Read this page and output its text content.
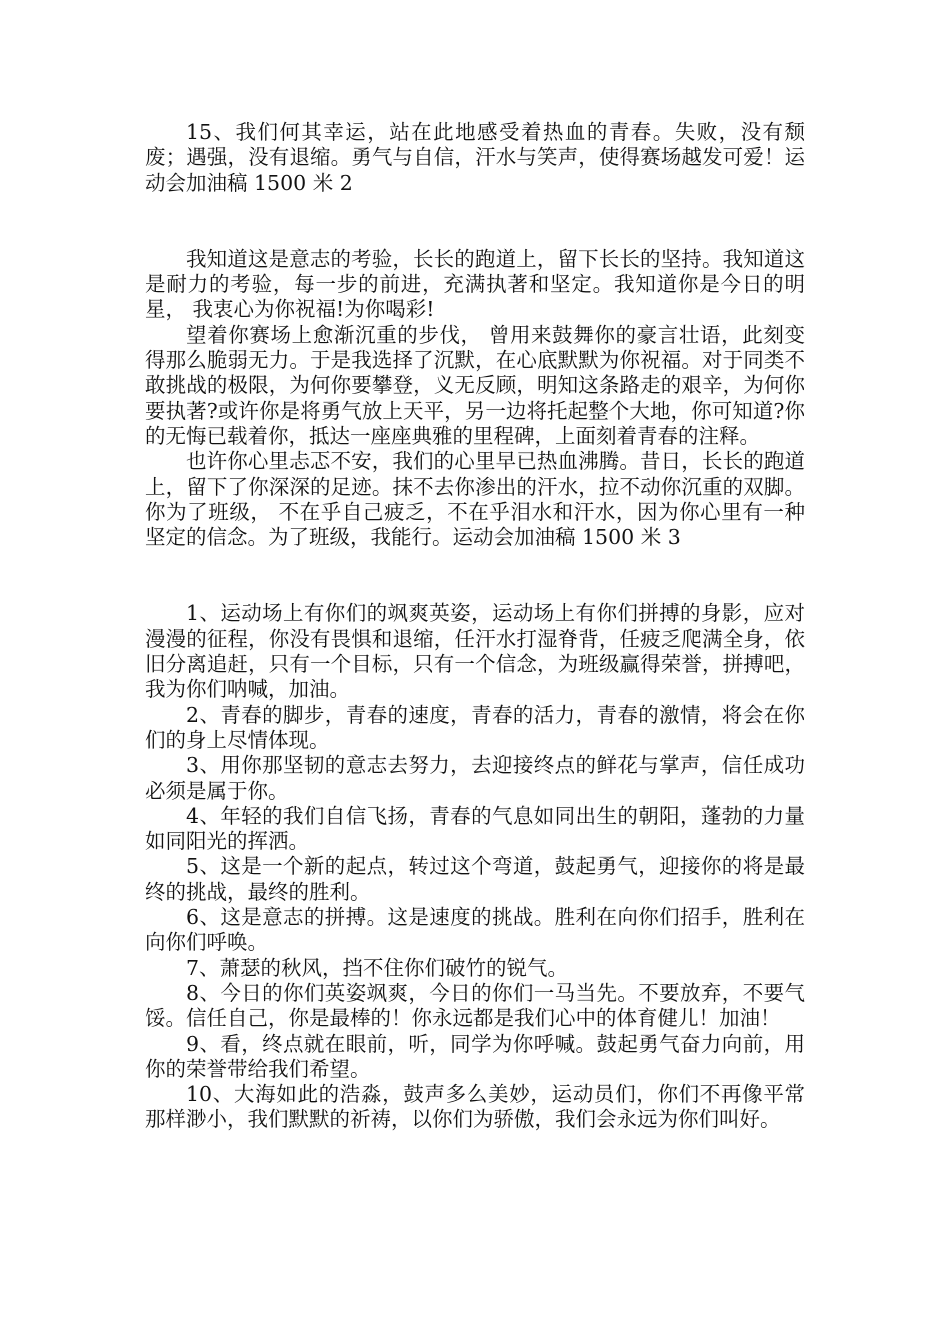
15、我们何其幸运，站在此地感受着热血的青春。失败，没有颓废；遇强，没有退缩。勇气与自信，汗水与笑声，使得赛场越发可爱！运动会加油稿 1500 米 2

我知道这是意志的考验，长长的跑道上，留下长长的坚持。我知道这是耐力的考验，每一步的前进，充满执著和坚定。我知道你是今日的明星， 我衷心为你祝福!为你喝彩!

望着你赛场上愈渐沉重的步伐， 曾用来鼓舞你的豪言壮语，此刻变得那么脆弱无力。于是我选择了沉默，在心底默默为你祝福。对于同类不敢挑战的极限，为何你要攀登，义无反顾，明知这条路走的艰辛，为何你要执著?或许你是将勇气放上天平，另一边将托起整个大地，你可知道?你的无悔已载着你，抵达一座座典雅的里程碑，上面刻着青春的注释。

也许你心里忐忑不安，我们的心里早已热血沸腾。昔日，长长的跑道上，留下了你深深的足迹。抹不去你渗出的汗水，拉不动你沉重的双脚。你为了班级， 不在乎自己疲乏，不在乎泪水和汗水，因为你心里有一种坚定的信念。为了班级，我能行。运动会加油稿 1500 米 3

1、运动场上有你们的飒爽英姿，运动场上有你们拼搏的身影，应对漫漫的征程，你没有畏惧和退缩，任汗水打湿脊背，任疲乏爬满全身，依旧分离追赶，只有一个目标，只有一个信念，为班级赢得荣誉，拼搏吧，我为你们呐喊，加油。

2、青春的脚步，青春的速度，青春的活力，青春的激情，将会在你们的身上尽情体现。

3、用你那坚韧的意志去努力，去迎接终点的鲜花与掌声，信任成功必须是属于你。

4、年轻的我们自信飞扬，青春的气息如同出生的朝阳，蓬勃的力量如同阳光的挥洒。

5、这是一个新的起点，转过这个弯道，鼓起勇气，迎接你的将是最终的挑战，最终的胜利。

6、这是意志的拼搏。这是速度的挑战。胜利在向你们招手，胜利在向你们呼唤。

7、萧瑟的秋风，挡不住你们破竹的锐气。

8、今日的你们英姿飒爽，今日的你们一马当先。不要放弃，不要气馁。信任自己，你是最棒的！你永远都是我们心中的体育健儿！加油！

9、看，终点就在眼前，听，同学为你呼喊。鼓起勇气奋力向前，用你的荣誉带给我们希望。

10、大海如此的浩淼，鼓声多么美妙，运动员们，你们不再像平常那样渺小，我们默默的祈祷，以你们为骄傲，我们会永远为你们叫好。
